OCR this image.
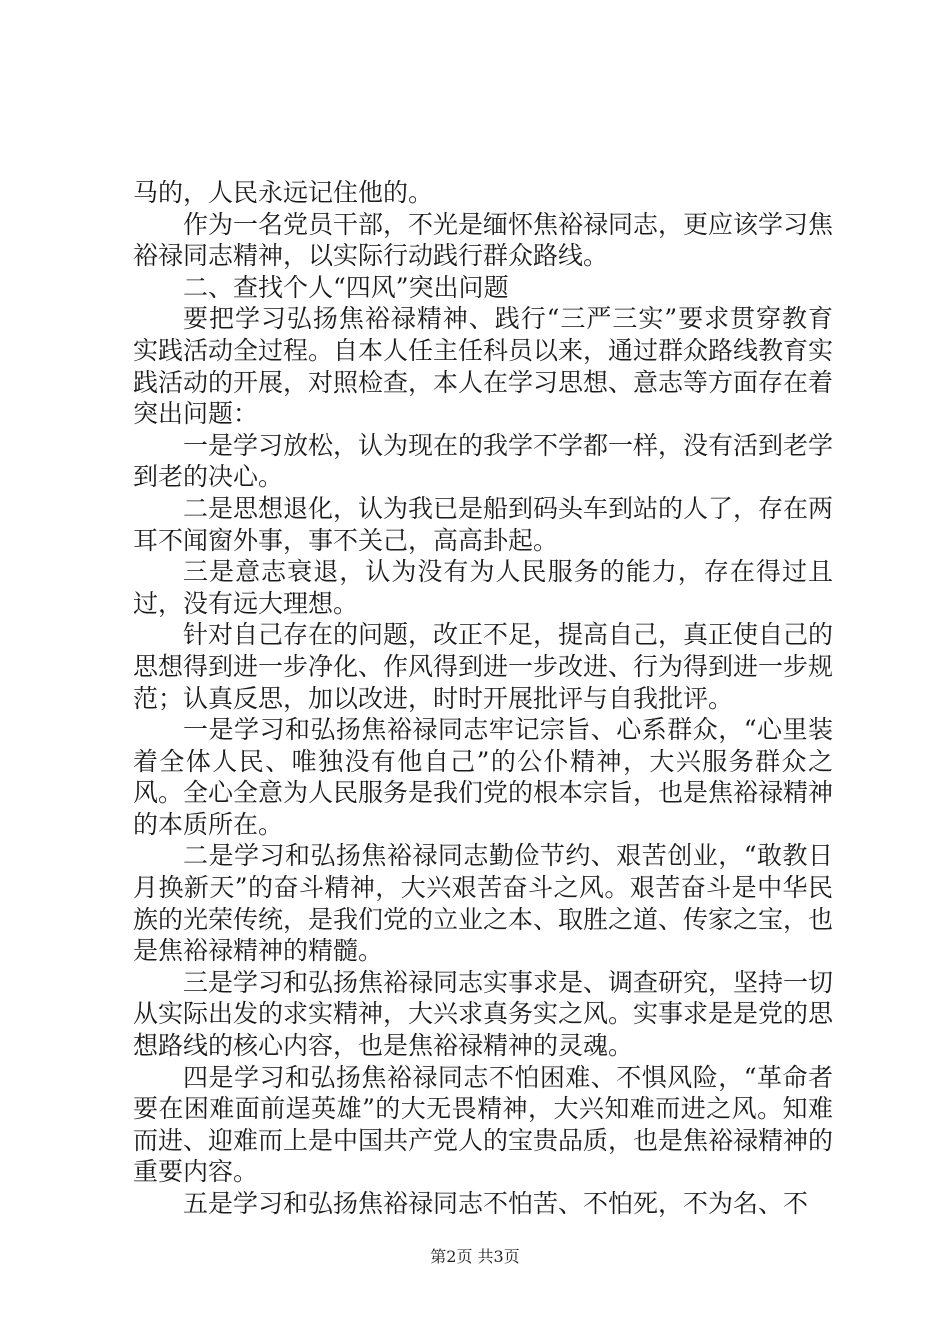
马的，人民永远记住他的。

作为一名党员干部，不光是缅怀焦裕禄同志，更应该学习焦裕禄同志精神，以实际行动践行群众路线。

二、查找个人“四风”突出问题

要把学习弘扬焦裕禄精神、践行“三严三实”要求贯穿教育实践活动全过程。自本人任主任科员以来，通过群众路线教育实践活动的开展，对照检查，本人在学习思想、意志等方面存在着突出问题：

一是学习放松，认为现在的我学不学都一样，没有活到老学到老的决心。

二是思想退化，认为我已是船到码头车到站的人了，存在两耳不闻窗外事，事不关己，高高卦起。

三是意志衰退，认为没有为人民服务的能力，存在得过且过，没有远大理想。

针对自己存在的问题，改正不足，提高自己，真正使自己的思想得到进一步净化、作风得到进一步改进、行为得到进一步规范；认真反思，加以改进，时时开展批评与自我批评。

一是学习和弘扬焦裕禄同志牢记宗旨、心系群众，“心里装着全体人民、唯独没有他自己”的公仆精神，大兴服务群众之风。全心全意为人民服务是我们党的根本宗旨，也是焦裕禄精神的本质所在。

二是学习和弘扬焦裕禄同志勤俭节约、艰苦创业，“敢教日月换新天”的奋斗精神，大兴艰苦奋斗之风。艰苦奋斗是中华民族的光荣传统，是我们党的立业之本、取胜之道、传家之宝，也是焦裕禄精神的精髓。

三是学习和弘扬焦裕禄同志实事求是、调查研究，坚持一切从实际出发的求实精神，大兴求真务实之风。实事求是是党的思想路线的核心内容，也是焦裕禄精神的灵魂。

四是学习和弘扬焦裕禄同志不怕困难、不惧风险，“革命者要在困难面前逞英雄”的大无畏精神，大兴知难而进之风。知难而进、迎难而上是中国共产党人的宝贵品质，也是焦裕禄精神的重要内容。

五是学习和弘扬焦裕禄同志不怕苦、不怕死，不为名、不

第2页 共3页
